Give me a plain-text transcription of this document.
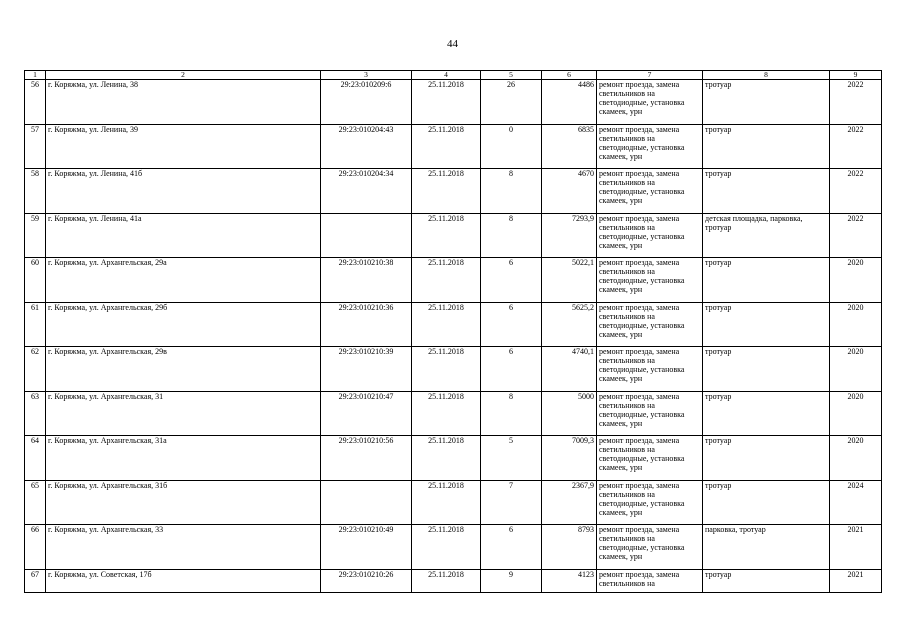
44
1	2	3	4	5	6	7	8	9
56	г. Коряжма, ул. Ленина, 38	29:23:010209:6	25.11.2018	26	4486	ремонт проезда, замена светильников на светодиодные, установка скамеек, урн	тротуар	2022
57	г. Коряжма, ул. Ленина, 39	29:23:010204:43	25.11.2018	0	6835	ремонт проезда, замена светильников на светодиодные, установка скамеек, урн	тротуар	2022
58	г. Коряжма, ул. Ленина, 41б	29:23:010204:34	25.11.2018	8	4670	ремонт проезда, замена светильников на светодиодные, установка скамеек, урн	тротуар	2022
59	г. Коряжма, ул. Ленина, 41а		25.11.2018	8	7293,9	ремонт проезда, замена светильников на светодиодные, установка скамеек, урн	детская площадка, парковка, тротуар	2022
60	г. Коряжма, ул. Архангельская, 29а	29:23:010210:38	25.11.2018	6	5022,1	ремонт проезда, замена светильников на светодиодные, установка скамеек, урн	тротуар	2020
61	г. Коряжма, ул. Архангельская, 29б	29:23:010210:36	25.11.2018	6	5625,2	ремонт проезда, замена светильников на светодиодные, установка скамеек, урн	тротуар	2020
62	г. Коряжма, ул. Архангельская, 29в	29:23:010210:39	25.11.2018	6	4740,1	ремонт проезда, замена светильников на светодиодные, установка скамеек, урн	тротуар	2020
63	г. Коряжма, ул. Архангельская, 31	29:23:010210:47	25.11.2018	8	5000	ремонт проезда, замена светильников на светодиодные, установка скамеек, урн	тротуар	2020
64	г. Коряжма, ул. Архангельская, 31а	29:23:010210:56	25.11.2018	5	7009,3	ремонт проезда, замена светильников на светодиодные, установка скамеек, урн	тротуар	2020
65	г. Коряжма, ул. Архангельская, 31б		25.11.2018	7	2367,9	ремонт проезда, замена светильников на светодиодные, установка скамеек, урн	тротуар	2024
66	г. Коряжма, ул. Архангельская, 33	29:23:010210:49	25.11.2018	6	8793	ремонт проезда, замена светильников на светодиодные, установка скамеек, урн	парковка, тротуар	2021
67	г. Коряжма, ул. Советская, 17б	29:23:010210:26	25.11.2018	9	4123	ремонт проезда, замена светильников на	тротуар	2021
